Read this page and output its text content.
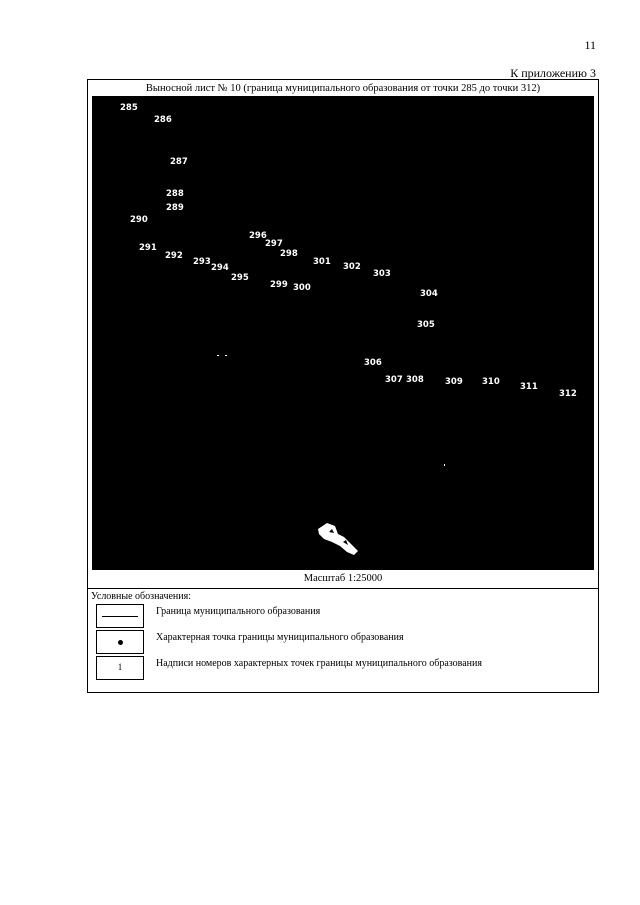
11
К приложению 3
Выносной лист № 10 (граница муниципального образования от точки 285 до точки 312)
285
286
287
288
289
290
291
292
293
294
295
296
297
298
299 300
301 302
303
304
305
306
307 308	309 310 311
312
Масштаб 1:25000
Условные обозначения:
Граница муниципального образования
Характерная точка границы муниципального образования
1	Надписи номеров характерных точек границы муниципального образования
